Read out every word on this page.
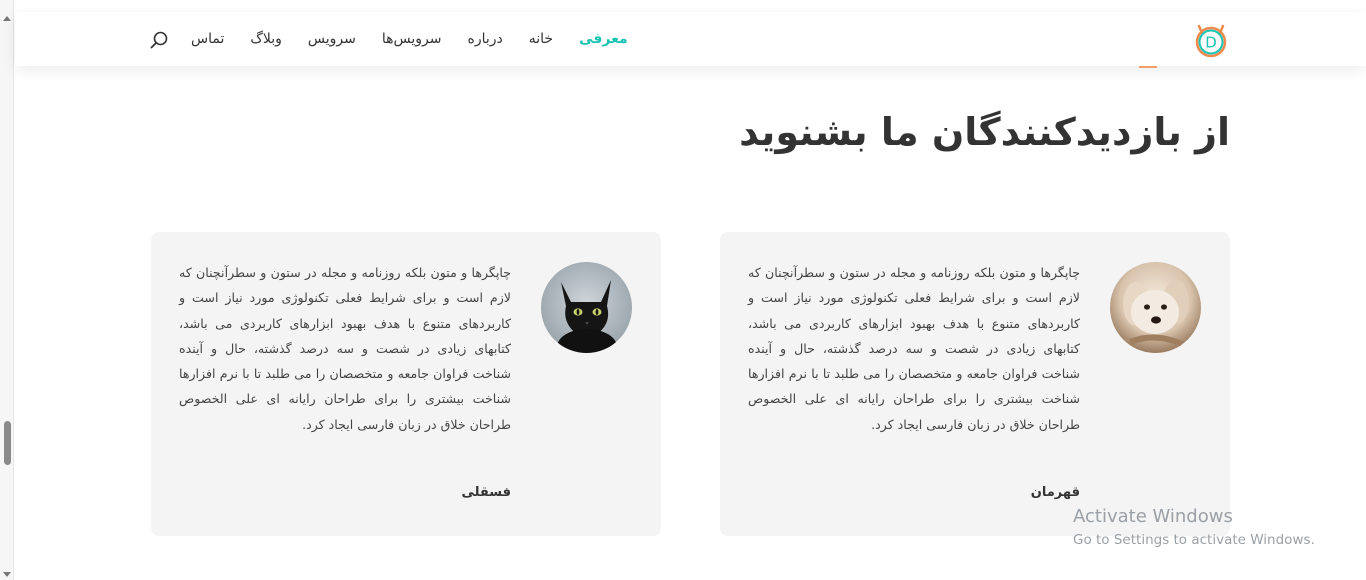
معرفی
خانه
درباره
سرویس‌ها
سرویس
وبلاگ
تماس	D
از بازدیدکنندگان ما بشنوید

چاپگرها و متون بلکه روزنامه و مجله در ستون و سطرآنچنان که لازم است و برای شرایط فعلی تکنولوژی مورد نیاز است و کاربردهای متنوع با هدف بهبود ابزارهای کاربردی می باشد، کتابهای زیادی در شصت و سه درصد گذشته، حال و آینده شناخت فراوان جامعه و متخصصان را می طلبد تا با نرم افزارها شناخت بیشتری را برای طراحان رایانه ای علی الخصوص طراحان خلاق در زبان فارسی ایجاد کرد.

قهرمان

چاپگرها و متون بلکه روزنامه و مجله در ستون و سطرآنچنان که لازم است و برای شرایط فعلی تکنولوژی مورد نیاز است و کاربردهای متنوع با هدف بهبود ابزارهای کاربردی می باشد، کتابهای زیادی در شصت و سه درصد گذشته، حال و آینده شناخت فراوان جامعه و متخصصان را می طلبد تا با نرم افزارها شناخت بیشتری را برای طراحان رایانه ای علی الخصوص طراحان خلاق در زبان فارسی ایجاد کرد.

فسقلی
Activate Windows
Go to Settings to activate Windows.
